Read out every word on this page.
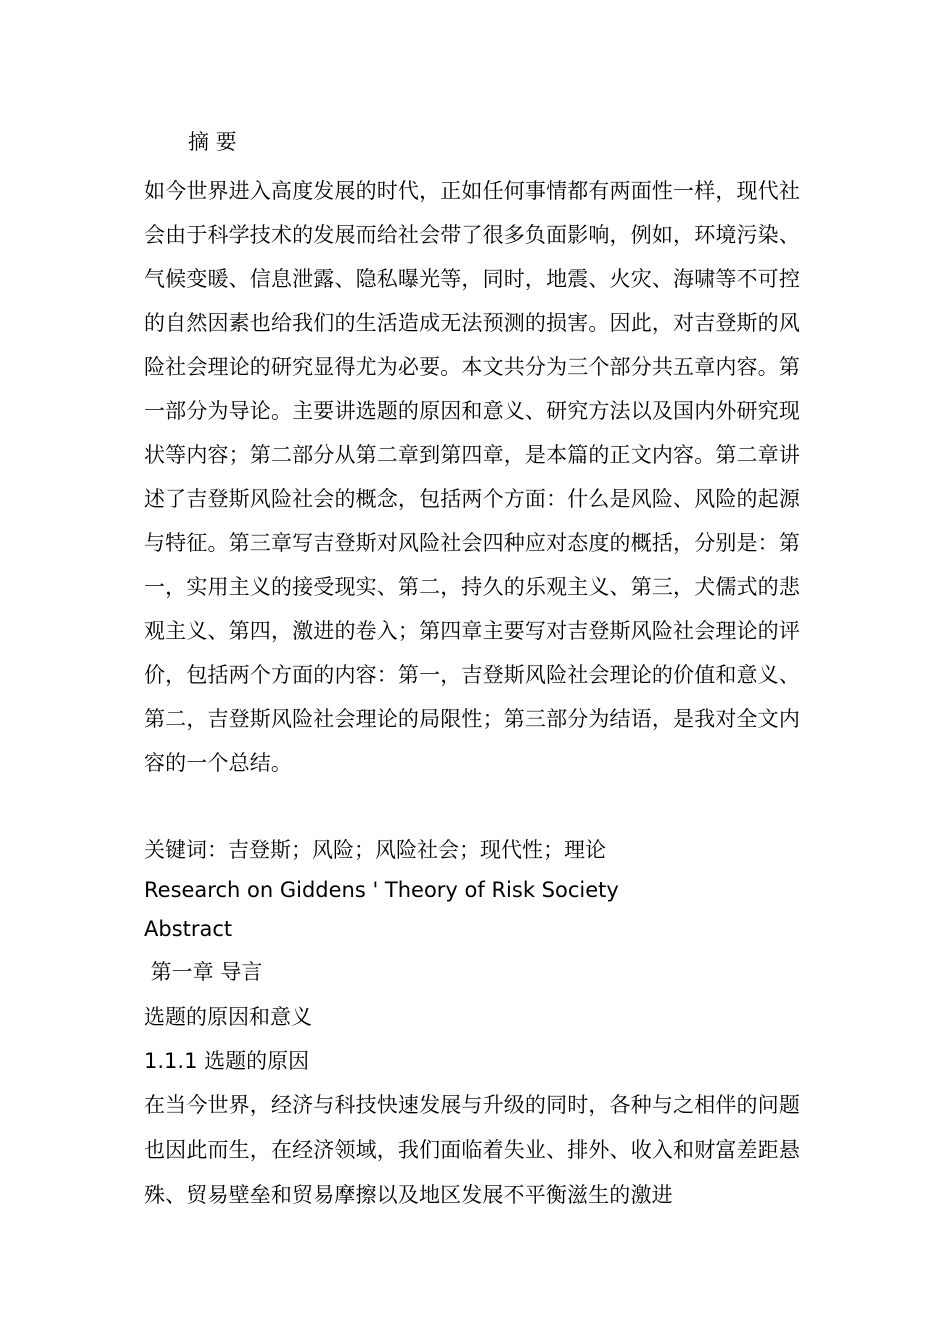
摘 要

如今世界进入高度发展的时代，正如任何事情都有两面性一样，现代社会由于科学技术的发展而给社会带了很多负面影响，例如，环境污染、气候变暖、信息泄露、隐私曝光等，同时，地震、火灾、海啸等不可控的自然因素也给我们的生活造成无法预测的损害。因此，对吉登斯的风险社会理论的研究显得尤为必要。本文共分为三个部分共五章内容。第一部分为导论。主要讲选题的原因和意义、研究方法以及国内外研究现状等内容；第二部分从第二章到第四章，是本篇的正文内容。第二章讲述了吉登斯风险社会的概念，包括两个方面：什么是风险、风险的起源与特征。第三章写吉登斯对风险社会四种应对态度的概括，分别是：第一，实用主义的接受现实、第二，持久的乐观主义、第三，犬儒式的悲观主义、第四，激进的卷入；第四章主要写对吉登斯风险社会理论的评价，包括两个方面的内容：第一，吉登斯风险社会理论的价值和意义、第二，吉登斯风险社会理论的局限性；第三部分为结语，是我对全文内容的一个总结。

关键词：吉登斯；风险；风险社会；现代性；理论

Research on Giddens ' Theory of Risk Society
Abstract
第一章 导言
选题的原因和意义
1.1.1 选题的原因

在当今世界，经济与科技快速发展与升级的同时，各种与之相伴的问题也因此而生，在经济领域，我们面临着失业、排外、收入和财富差距悬殊、贸易壁垒和贸易摩擦以及地区发展不平衡滋生的激进
